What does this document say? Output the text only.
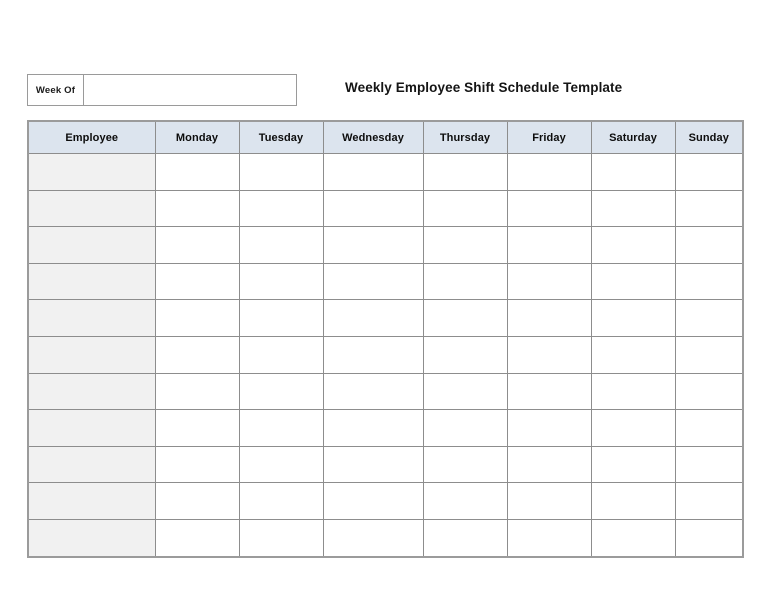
Week Of	Weekly Employee Shift Schedule Template
Employee	Monday	Tuesday	Wednesday	Thursday	Friday	Saturday	Sunday
